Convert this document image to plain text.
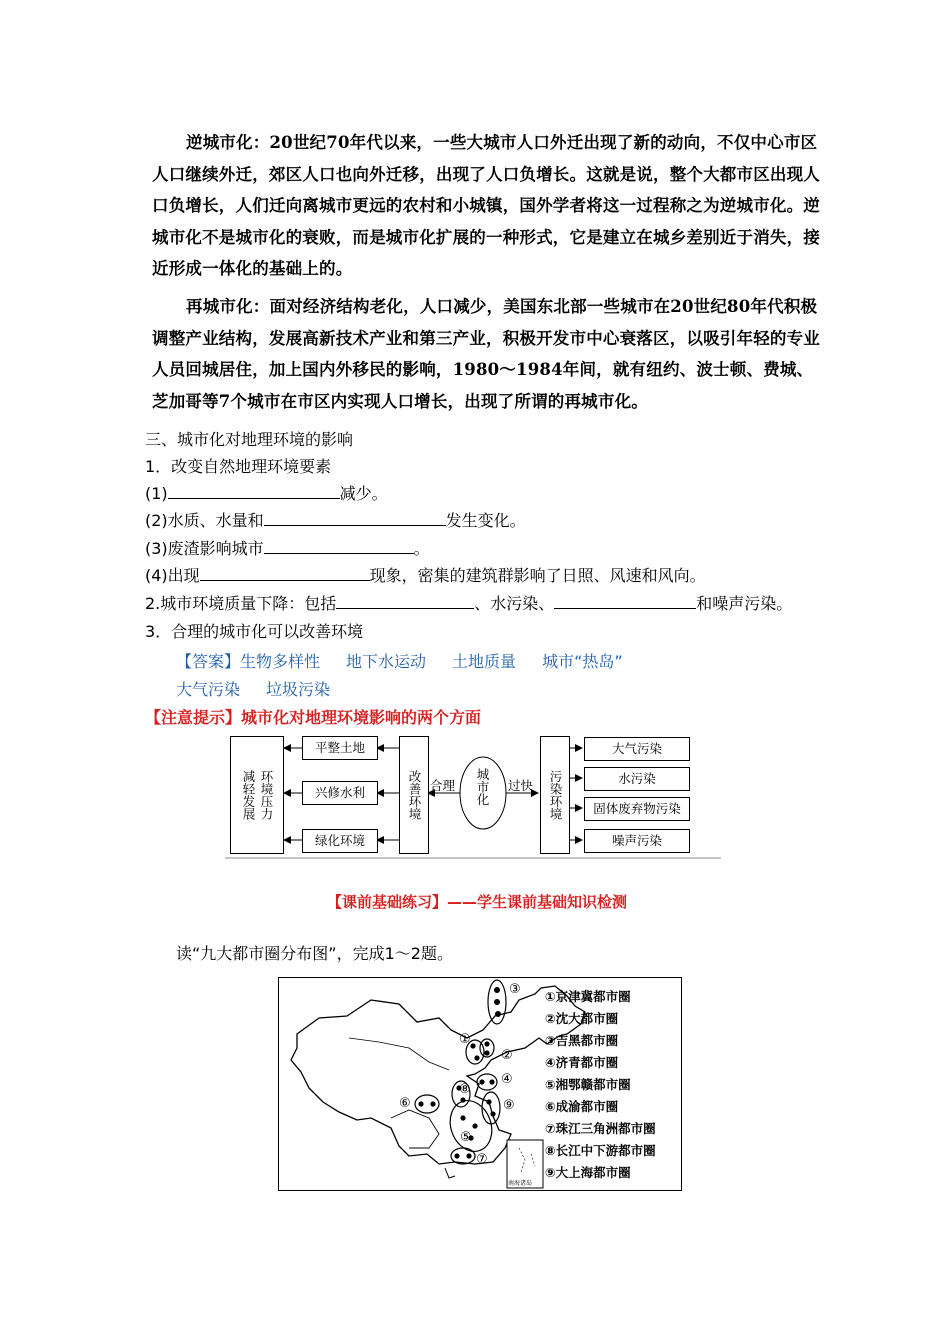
逆城市化：20世纪70年代以来，一些大城市人口外迁出现了新的动向，不仅中心市区人口继续外迁，郊区人口也向外迁移，出现了人口负增长。这就是说，整个大都市区出现人口负增长，人们迁向离城市更远的农村和小城镇，国外学者将这一过程称之为逆城市化。逆城市化不是城市化的衰败，而是城市化扩展的一种形式，它是建立在城乡差别近于消失，接近形成一体化的基础上的。
再城市化：面对经济结构老化，人口减少，美国东北部一些城市在20世纪80年代积极调整产业结构，发展高新技术产业和第三产业，积极开发市中心衰落区，以吸引年轻的专业人员回城居住，加上国内外移民的影响，1980～1984年间，就有纽约、波士顿、费城、芝加哥等7个城市在市区内实现人口增长，出现了所谓的再城市化。
三、城市化对地理环境的影响
1．改变自然地理环境要素
(1)	减少。
(2)水质、水量和	发生变化。
(3)废渣影响城市	。
(4)出现	现象，密集的建筑群影响了日照、风速和风向。
2.城市环境质量下降：包括	、水污染、	和噪声污染。
3．合理的城市化可以改善环境
【答案】生物多样性 地下水运动 土地质量 城市“热岛”
大气污染 垃圾污染
【注意提示】城市化对地理环境影响的两个方面
减轻发展 环境压力
平整土地
兴修水利
绿化环境
改善环境 合理 城市化 过快 污染环境
大气污染
水污染
固体废弃物污染
噪声污染
【课前基础练习】——学生课前基础知识检测
读“九大都市圈分布图”，完成1～2题。
①
②
③
④
⑤
⑥
⑦
⑧
⑨
南海诸岛
①京津冀都市圈
②沈大都市圈
③吉黑都市圈
④济青都市圈
⑤湘鄂赣都市圈
⑥成渝都市圈
⑦珠江三角洲都市圈
⑧长江中下游都市圈
⑨大上海都市圈
